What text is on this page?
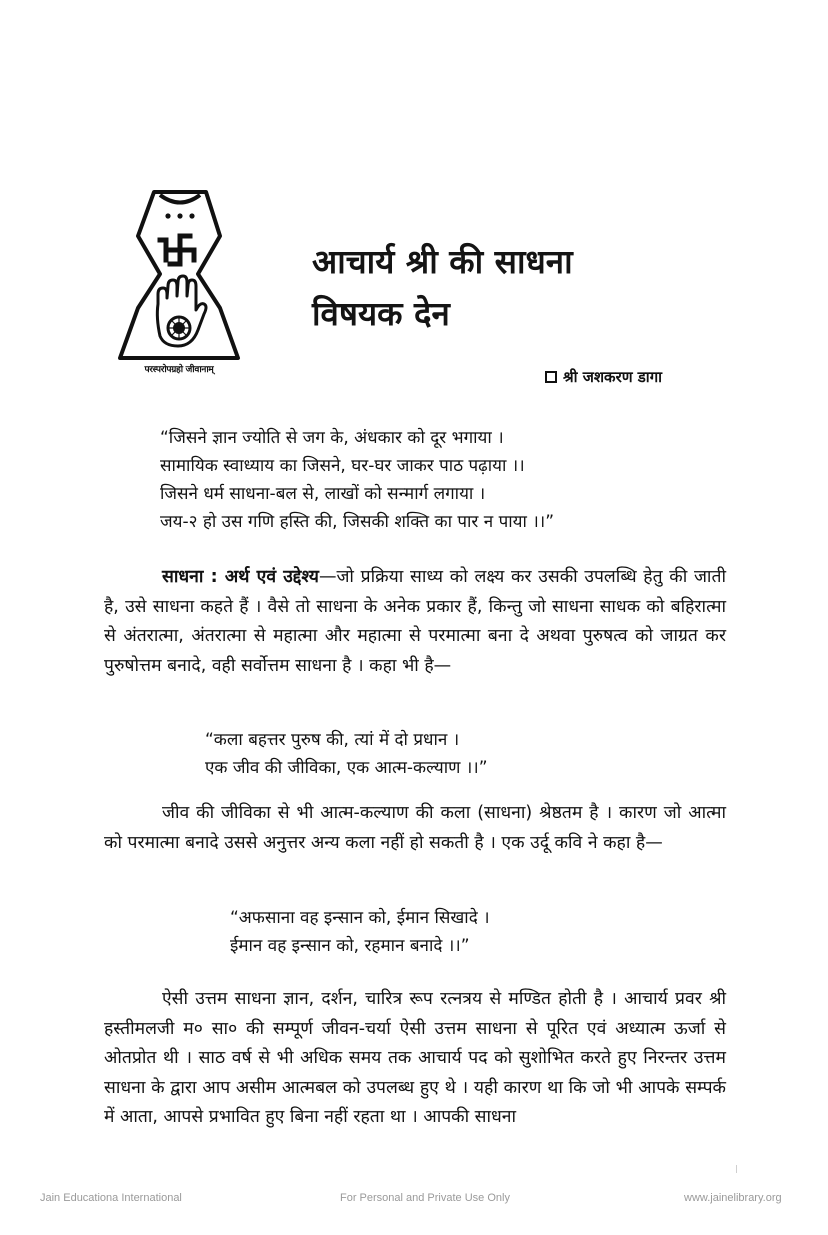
परस्परोपग्रहो जीवानाम्
आचार्य श्री की साधना
विषयक देन
श्री जशकरण डागा
“जिसने ज्ञान ज्योति से जग के, अंधकार को दूर भगाया ।
सामायिक स्वाध्याय का जिसने, घर-घर जाकर पाठ पढ़ाया ।।
जिसने धर्म साधना-बल से, लाखों को सन्मार्ग लगाया ।
जय-२ हो उस गणि हस्ति की, जिसकी शक्ति का पार न पाया ।।”
साधना : अर्थ एवं उद्देश्य—जो प्रक्रिया साध्य को लक्ष्य कर उसकी उपलब्धि हेतु की जाती है, उसे साधना कहते हैं । वैसे तो साधना के अनेक प्रकार हैं, किन्तु जो साधना साधक को बहिरात्मा से अंतरात्मा, अंतरात्मा से महात्मा और महात्मा से परमात्मा बना दे अथवा पुरुषत्व को जाग्रत कर पुरुषोत्तम बनादे, वही सर्वोत्तम साधना है । कहा भी है—
“कला बहत्तर पुरुष की, त्यां में दो प्रधान ।
एक जीव की जीविका, एक आत्म-कल्याण ।।”
जीव की जीविका से भी आत्म-कल्याण की कला (साधना) श्रेष्ठतम है । कारण जो आत्मा को परमात्मा बनादे उससे अनुत्तर अन्य कला नहीं हो सकती है । एक उर्दू कवि ने कहा है—
“अफसाना वह इन्सान को, ईमान सिखादे ।
ईमान वह इन्सान को, रहमान बनादे ।।”
ऐसी उत्तम साधना ज्ञान, दर्शन, चारित्र रूप रत्नत्रय से मण्डित होती है । आचार्य प्रवर श्री हस्तीमलजी म० सा० की सम्पूर्ण जीवन-चर्या ऐसी उत्तम साधना से पूरित एवं अध्यात्म ऊर्जा से ओतप्रोत थी । साठ वर्ष से भी अधिक समय तक आचार्य पद को सुशोभित करते हुए निरन्तर उत्तम साधना के द्वारा आप असीम आत्मबल को उपलब्ध हुए थे । यही कारण था कि जो भी आपके सम्पर्क में आता, आपसे प्रभावित हुए बिना नहीं रहता था । आपकी साधना
Jain Educationa International	For Personal and Private Use Only	www.jainelibrary.org
